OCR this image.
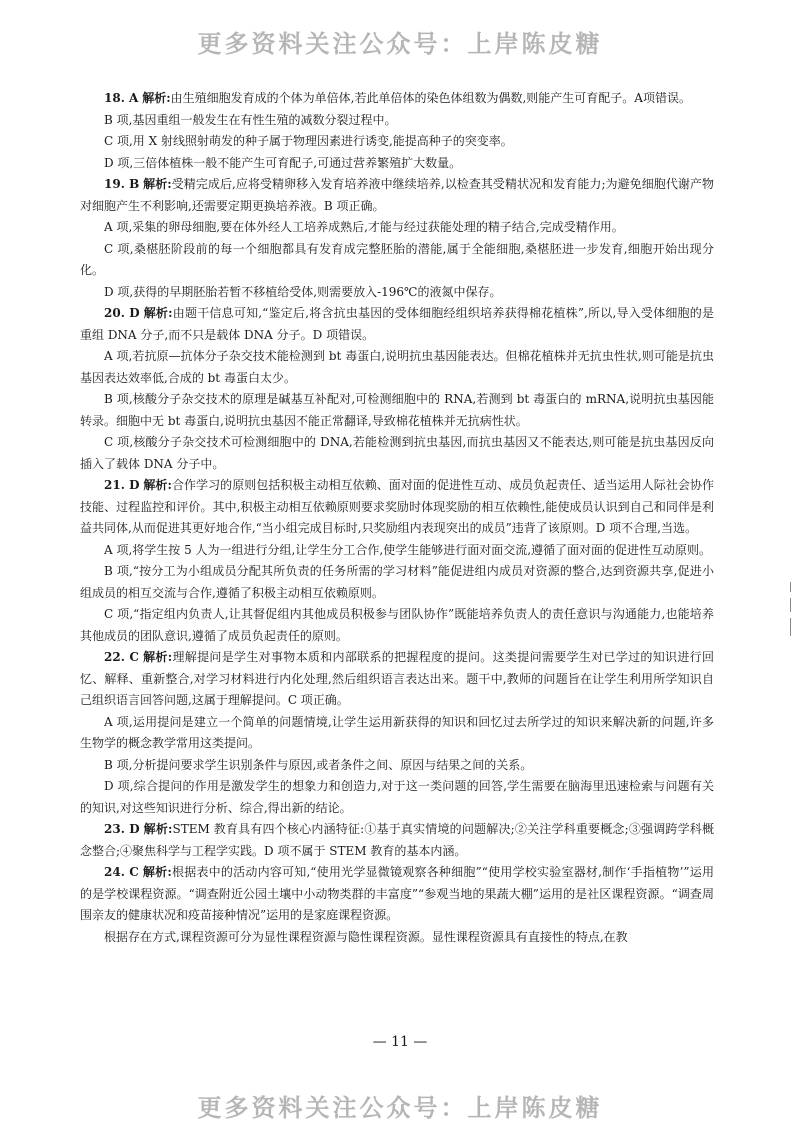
更多资料关注公众号：上岸陈皮糖

18. A 解析:由生殖细胞发育成的个体为单倍体,若此单倍体的染色体组数为偶数,则能产生可育配子。A项错误。

B 项,基因重组一般发生在有性生殖的减数分裂过程中。

C 项,用 X 射线照射萌发的种子属于物理因素进行诱变,能提高种子的突变率。

D 项,三倍体植株一般不能产生可育配子,可通过营养繁殖扩大数量。

19. B 解析:受精完成后,应将受精卵移入发育培养液中继续培养,以检查其受精状况和发育能力;为避免细胞代谢产物对细胞产生不利影响,还需要定期更换培养液。B 项正确。

A 项,采集的卵母细胞,要在体外经人工培养成熟后,才能与经过获能处理的精子结合,完成受精作用。

C 项,桑椹胚阶段前的每一个细胞都具有发育成完整胚胎的潜能,属于全能细胞,桑椹胚进一步发育,细胞开始出现分化。

D 项,获得的早期胚胎若暂不移植给受体,则需要放入-196℃的液氮中保存。

20. D 解析:由题干信息可知,“鉴定后,将含抗虫基因的受体细胞经组织培养获得棉花植株”,所以,导入受体细胞的是重组 DNA 分子,而不只是载体 DNA 分子。D 项错误。

A 项,若抗原—抗体分子杂交技术能检测到 bt 毒蛋白,说明抗虫基因能表达。但棉花植株并无抗虫性状,则可能是抗虫基因表达效率低,合成的 bt 毒蛋白太少。

B 项,核酸分子杂交技术的原理是碱基互补配对,可检测细胞中的 RNA,若测到 bt 毒蛋白的 mRNA,说明抗虫基因能转录。细胞中无 bt 毒蛋白,说明抗虫基因不能正常翻译,导致棉花植株并无抗病性状。

C 项,核酸分子杂交技术可检测细胞中的 DNA,若能检测到抗虫基因,而抗虫基因又不能表达,则可能是抗虫基因反向插入了载体 DNA 分子中。

21. D 解析:合作学习的原则包括积极主动相互依赖、面对面的促进性互动、成员负起责任、适当运用人际社会协作技能、过程监控和评价。其中,积极主动相互依赖原则要求奖励时体现奖励的相互依赖性,能使成员认识到自己和同伴是利益共同体,从而促进其更好地合作,“当小组完成目标时,只奖励组内表现突出的成员”违背了该原则。D 项不合理,当选。

A 项,将学生按 5 人为一组进行分组,让学生分工合作,使学生能够进行面对面交流,遵循了面对面的促进性互动原则。

B 项,“按分工为小组成员分配其所负责的任务所需的学习材料”能促进组内成员对资源的整合,达到资源共享,促进小组成员的相互交流与合作,遵循了积极主动相互依赖原则。

C 项,“指定组内负责人,让其督促组内其他成员积极参与团队协作”既能培养负责人的责任意识与沟通能力,也能培养其他成员的团队意识,遵循了成员负起责任的原则。

22. C 解析:理解提问是学生对事物本质和内部联系的把握程度的提问。这类提问需要学生对已学过的知识进行回忆、解释、重新整合,对学习材料进行内化处理,然后组织语言表达出来。题干中,教师的问题旨在让学生利用所学知识自己组织语言回答问题,这属于理解提问。C 项正确。

A 项,运用提问是建立一个简单的问题情境,让学生运用新获得的知识和回忆过去所学过的知识来解决新的问题,许多生物学的概念教学常用这类提问。

B 项,分析提问要求学生识别条件与原因,或者条件之间、原因与结果之间的关系。

D 项,综合提问的作用是激发学生的想象力和创造力,对于这一类问题的回答,学生需要在脑海里迅速检索与问题有关的知识,对这些知识进行分析、综合,得出新的结论。

23. D 解析:STEM 教育具有四个核心内涵特征:①基于真实情境的问题解决;②关注学科重要概念;③强调跨学科概念整合;④聚焦科学与工程学实践。D 项不属于 STEM 教育的基本内涵。

24. C 解析:根据表中的活动内容可知,“使用光学显微镜观察各种细胞”“使用学校实验室器材,制作‘手指植物’”运用的是学校课程资源。“调查附近公园土壤中小动物类群的丰富度”“参观当地的果蔬大棚”运用的是社区课程资源。“调查周围亲友的健康状况和疫苗接种情况”运用的是家庭课程资源。

根据存在方式,课程资源可分为显性课程资源与隐性课程资源。显性课程资源具有直接性的特点,在教

— 11 —
更多资料关注公众号：上岸陈皮糖
